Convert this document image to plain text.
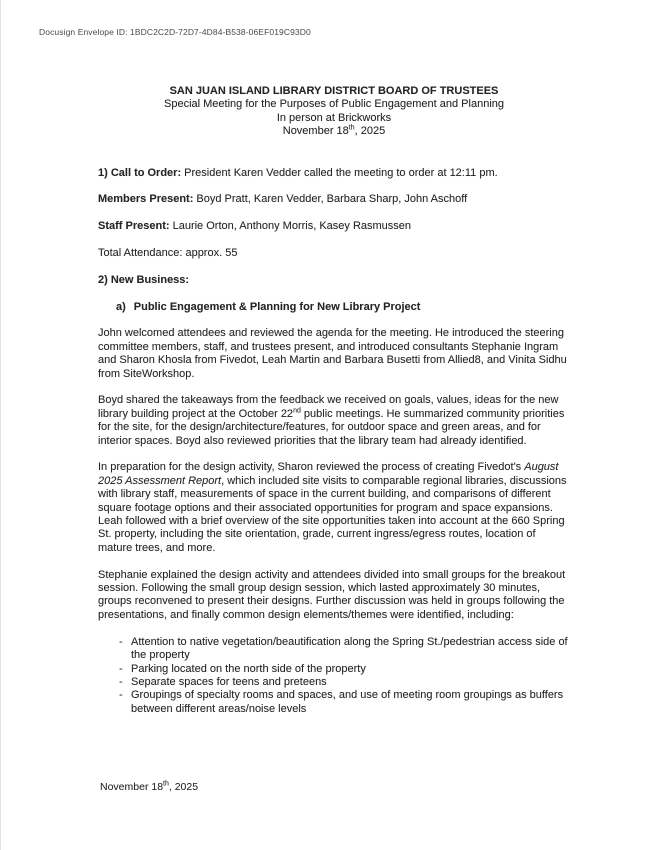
Docusign Envelope ID: 1BDC2C2D-72D7-4D84-B538-06EF019C93D0
SAN JUAN ISLAND LIBRARY DISTRICT BOARD OF TRUSTEES
Special Meeting for the Purposes of Public Engagement and Planning
In person at Brickworks
November 18th, 2025

1) Call to Order: President Karen Vedder called the meeting to order at 12:11 pm.

Members Present: Boyd Pratt, Karen Vedder, Barbara Sharp, John Aschoff

Staff Present: Laurie Orton, Anthony Morris, Kasey Rasmussen

Total Attendance: approx. 55

2) New Business:

a) Public Engagement & Planning for New Library Project

John welcomed attendees and reviewed the agenda for the meeting. He introduced the steering committee members, staff, and trustees present, and introduced consultants Stephanie Ingram and Sharon Khosla from Fivedot, Leah Martin and Barbara Busetti from Allied8, and Vinita Sidhu from SiteWorkshop.

Boyd shared the takeaways from the feedback we received on goals, values, ideas for the new library building project at the October 22nd public meetings. He summarized community priorities for the site, for the design/architecture/features, for outdoor space and green areas, and for interior spaces. Boyd also reviewed priorities that the library team had already identified.

In preparation for the design activity, Sharon reviewed the process of creating Fivedot's August 2025 Assessment Report, which included site visits to comparable regional libraries, discussions with library staff, measurements of space in the current building, and comparisons of different square footage options and their associated opportunities for program and space expansions. Leah followed with a brief overview of the site opportunities taken into account at the 660 Spring St. property, including the site orientation, grade, current ingress/egress routes, location of mature trees, and more.

Stephanie explained the design activity and attendees divided into small groups for the breakout session. Following the small group design session, which lasted approximately 30 minutes, groups reconvened to present their designs. Further discussion was held in groups following the presentations, and finally common design elements/themes were identified, including:

- Attention to native vegetation/beautification along the Spring St./pedestrian access side of the property
- Parking located on the north side of the property
- Separate spaces for teens and preteens
- Groupings of specialty rooms and spaces, and use of meeting room groupings as buffers between different areas/noise levels
November 18th, 2025
